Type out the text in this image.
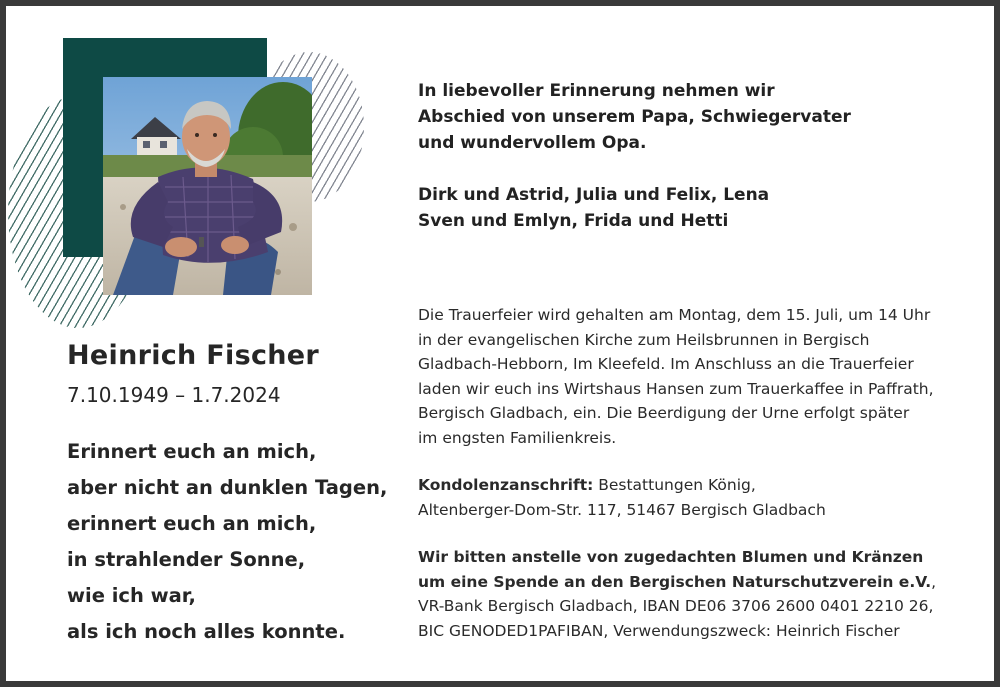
Heinrich Fischer
7.10.1949 – 1.7.2024
Erinnert euch an mich,
aber nicht an dunklen Tagen,
erinnert euch an mich,
in strahlender Sonne,
wie ich war,
als ich noch alles konnte.
In liebevoller Erinnerung nehmen wir
Abschied von unserem Papa, Schwiegervater
und wundervollem Opa.
Dirk und Astrid, Julia und Felix, Lena
Sven und Emlyn, Frida und Hetti
Die Trauerfeier wird gehalten am Montag, dem 15. Juli, um 14 Uhr
in der evangelischen Kirche zum Heilsbrunnen in Bergisch
Gladbach-Hebborn, Im Kleefeld. Im Anschluss an die Trauerfeier
laden wir euch ins Wirtshaus Hansen zum Trauerkaffee in Paffrath,
Bergisch Gladbach, ein. Die Beerdigung der Urne erfolgt später
im engsten Familienkreis.
Kondolenzanschrift: Bestattungen König,
Altenberger-Dom-Str. 117, 51467 Bergisch Gladbach
Wir bitten anstelle von zugedachten Blumen und Kränzen
um eine Spende an den Bergischen Naturschutzverein e.V.,
VR-Bank Bergisch Gladbach, IBAN DE06 3706 2600 0401 2210 26,
BIC GENODED1PAFIBAN, Verwendungszweck: Heinrich Fischer
